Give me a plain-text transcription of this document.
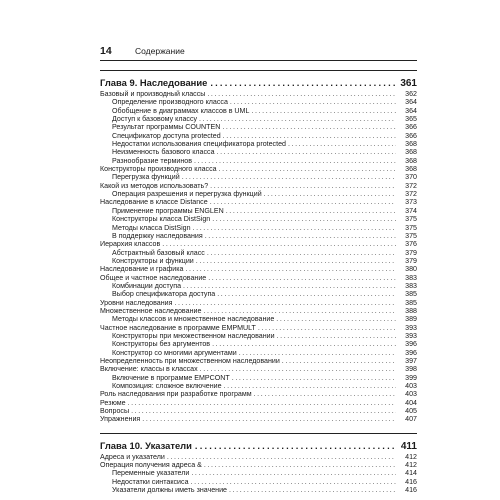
14	Содержание
Глава 9. Наследование .....	361
Базовый и производный классы .....	362
Определение производного класса .....	364
Обобщение в диаграммах классов в UML .....	364
Доступ к базовому классу .....	365
Результат программы COUNTEN .....	366
Спецификатор доступа protected .....	366
Недостатки использования спецификатора protected .....	368
Неизменность базового класса .....	368
Разнообразие терминов .....	368
Конструкторы производного класса .....	368
Перегрузка функций .....	370
Какой из методов использовать? .....	372
Операция разрешения и перегрузка функций .....	372
Наследование в классе Distance .....	373
Применение программы ENGLEN .....	374
Конструкторы класса DistSign .....	375
Методы класса DistSign .....	375
В поддержку наследования .....	375
Иерархия классов .....	376
Абстрактный базовый класс .....	379
Конструкторы и функции .....	379
Наследование и графика .....	380
Общее и частное наследование .....	383
Комбинации доступа .....	383
Выбор спецификатора доступа .....	385
Уровни наследования .....	385
Множественное наследование .....	388
Методы классов и множественное наследование .....	389
Частное наследование в программе EMPMULT .....	393
Конструкторы при множественном наследовании .....	393
Конструкторы без аргументов .....	396
Конструктор со многими аргументами .....	396
Неопределенность при множественном наследовании .....	397
Включение: классы в классах .....	398
Включение в программе EMPCONT .....	399
Композиция: сложное включение .....	403
Роль наследования при разработке программ .....	403
Резюме .....	404
Вопросы .....	405
Упражнения .....	407
Глава 10. Указатели .....	411
Адреса и указатели .....	412
Операция получения адреса & .....	412
Переменные указатели .....	414
Недостатки синтаксиса .....	416
Указатели должны иметь значение .....	416
